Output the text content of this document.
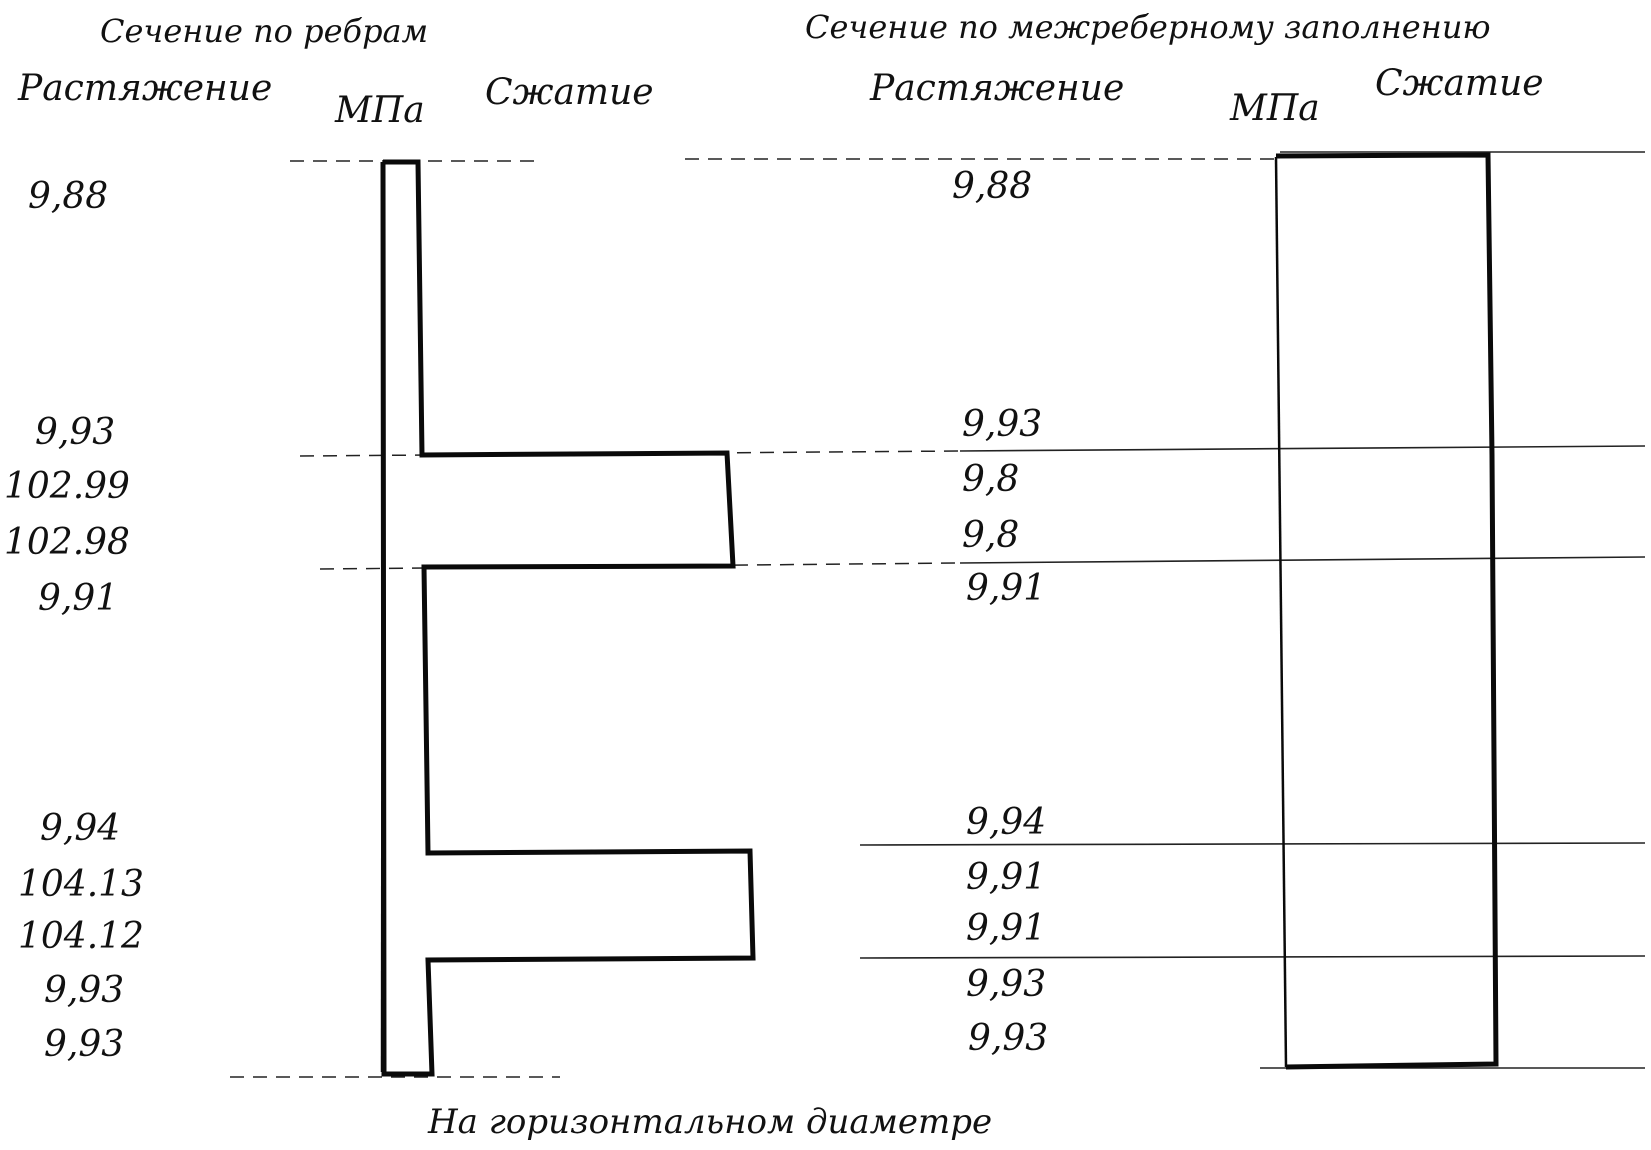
Сечение по ребрам
Растяжение
МПа Сжатие
Сечение по межреберному заполнению
Растяжение	МПа
Сжатие
9,88
9,93
102.99
102.98
9,91
9,94
104.13
104.12
9,93
9,93
9,88
9,93
9,8
9,8
9,91
9,94
9,91
9,91
9,93
9,93
На горизонтальном диаметре
